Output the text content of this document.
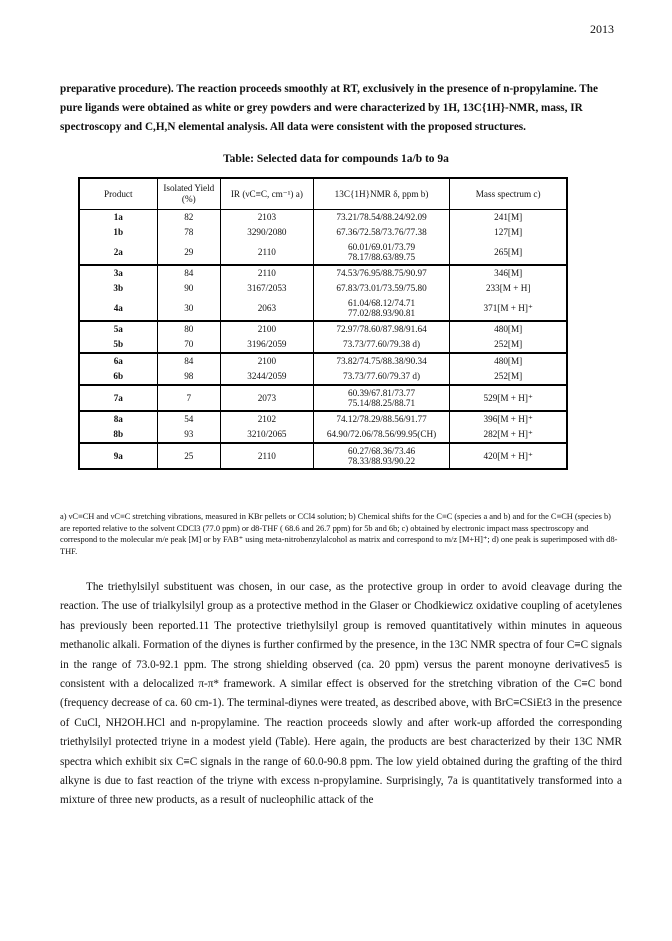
2013
preparative procedure). The reaction proceeds smoothly at RT, exclusively in the presence of n-propylamine. The pure ligands were obtained as white or grey powders and were characterized by 1H, 13C{1H}-NMR, mass, IR spectroscopy and C,H,N elemental analysis. All data were consistent with the proposed structures.
Table: Selected data for compounds 1a/b to 9a
Product	Isolated Yield (%)	IR (νC≡C, cm⁻¹) a)	13C{1H}NMR δ, ppm b)	Mass spectrum c)
1a	82	2103	73.21/78.54/88.24/92.09	241[M]
1b	78	3290/2080	67.36/72.58/73.76/77.38	127[M]
2a	29	2110	60.01/69.01/73.79 78.17/88.63/89.75	265[M]
3a	84	2110	74.53/76.95/88.75/90.97	346[M]
3b	90	3167/2053	67.83/73.01/73.59/75.80	233[M + H]
4a	30	2063	61.04/68.12/74.71 77.02/88.93/90.81	371[M + H]⁺
5a	80	2100	72.97/78.60/87.98/91.64	480[M]
5b	70	3196/2059	73.73/77.60/79.38 d)	252[M]
6a	84	2100	73.82/74.75/88.38/90.34	480[M]
6b	98	3244/2059	73.73/77.60/79.37 d)	252[M]
7a	7	2073	60.39/67.81/73.77 75.14/88.25/88.71	529[M + H]⁺
8a	54	2102	74.12/78.29/88.56/91.77	396[M + H]⁺
8b	93	3210/2065	64.90/72.06/78.56/99.95(CH)	282[M + H]⁺
9a	25	2110	60.27/68.36/73.46 78.33/88.93/90.22	420[M + H]⁺
a) νC≡CH and νC≡C stretching vibrations, measured in KBr pellets or CCl4 solution; b) Chemical shifts for the C≡C (species a and b) and for the C≡CH (species b) are reported relative to the solvent CDCl3 (77.0 ppm) or d8-THF ( 68.6 and 26.7 ppm) for 5b and 6b; c) obtained by electronic impact mass spectroscopy and correspond to the molecular m/e peak [M] or by FAB⁺ using meta-nitrobenzylalcohol as matrix and correspond to m/z [M+H]⁺; d) one peak is superimposed with d8-THF.
The triethylsilyl substituent was chosen, in our case, as the protective group in order to avoid cleavage during the reaction. The use of trialkylsilyl group as a protective method in the Glaser or Chodkiewicz oxidative coupling of acetylenes has previously been reported.11 The protective triethylsilyl group is removed quantitatively within minutes in aqueous methanolic alkali. Formation of the diynes is further confirmed by the presence, in the 13C NMR spectra of four C≡C signals in the range of 73.0-92.1 ppm. The strong shielding observed (ca. 20 ppm) versus the parent monoyne derivatives5 is consistent with a delocalized π-π* framework. A similar effect is observed for the stretching vibration of the C≡C bond (frequency decrease of ca. 60 cm-1). The terminal-diynes were treated, as described above, with BrC≡CSiEt3 in the presence of CuCl, NH2OH.HCl and n-propylamine. The reaction proceeds slowly and after work-up afforded the corresponding triethylsilyl protected triyne in a modest yield (Table). Here again, the products are best characterized by their 13C NMR spectra which exhibit six C≡C signals in the range of 60.0-90.8 ppm. The low yield obtained during the grafting of the third alkyne is due to fast reaction of the triyne with excess n-propylamine. Surprisingly, 7a is quantitatively transformed into a mixture of three new products, as a result of nucleophilic attack of the
